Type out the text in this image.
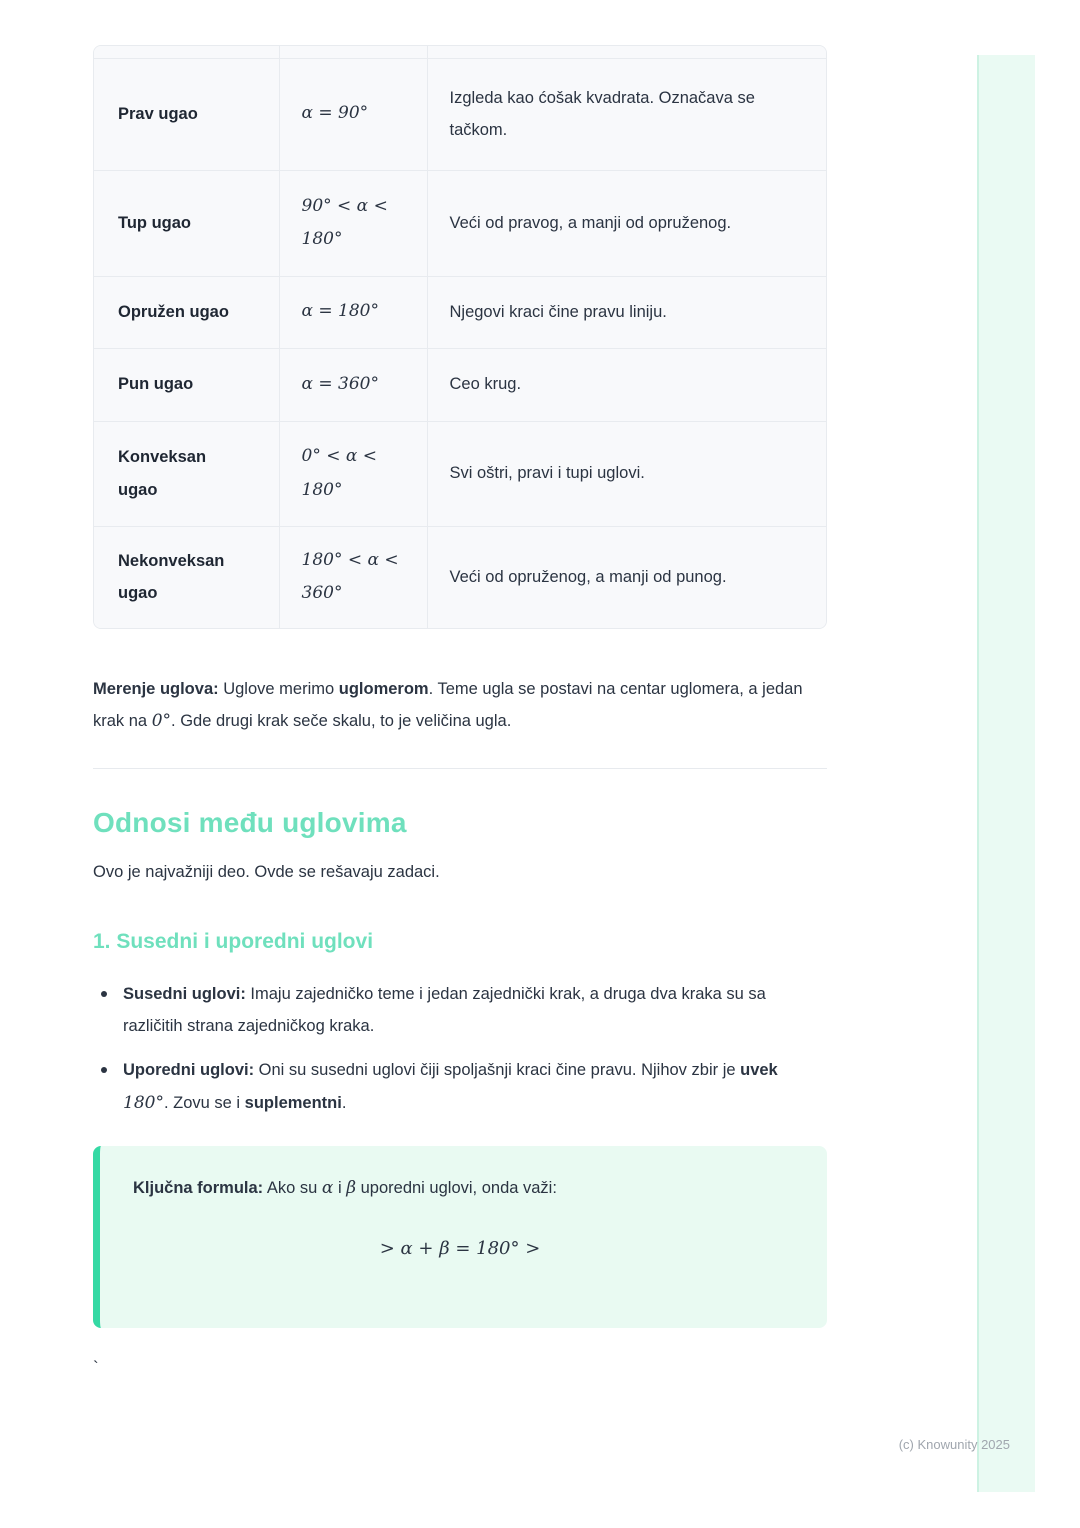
Prav ugao	α = 90°	Izgleda kao ćošak kvadrata. Označava se tačkom.
Tup ugao	90° < α < 180°	Veći od pravog, a manji od opruženog.
Opružen ugao	α = 180°	Njegovi kraci čine pravu liniju.
Pun ugao	α = 360°	Ceo krug.
Konveksan ugao	0° < α < 180°	Svi oštri, pravi i tupi uglovi.
Nekonveksan ugao	180° < α < 360°	Veći od opruženog, a manji od punog.

Merenje uglova: Uglove merimo uglomerom. Teme ugla se postavi na centar uglomera, a jedan krak na 0°. Gde drugi krak seče skalu, to je veličina ugla.

Odnosi među uglovima

Ovo je najvažniji deo. Ovde se rešavaju zadaci.

1. Susedni i uporedni uglovi

Susedni uglovi: Imaju zajedničko teme i jedan zajednički krak, a druga dva kraka su sa različitih strana zajedničkog kraka.

Uporedni uglovi: Oni su susedni uglovi čiji spoljašnji kraci čine pravu. Njihov zbir je uvek 180°. Zovu se i suplementni.

Ključna formula: Ako su α i β uporedni uglovi, onda važi:

> α + β = 180° >

`

(c) Knowunity 2025
